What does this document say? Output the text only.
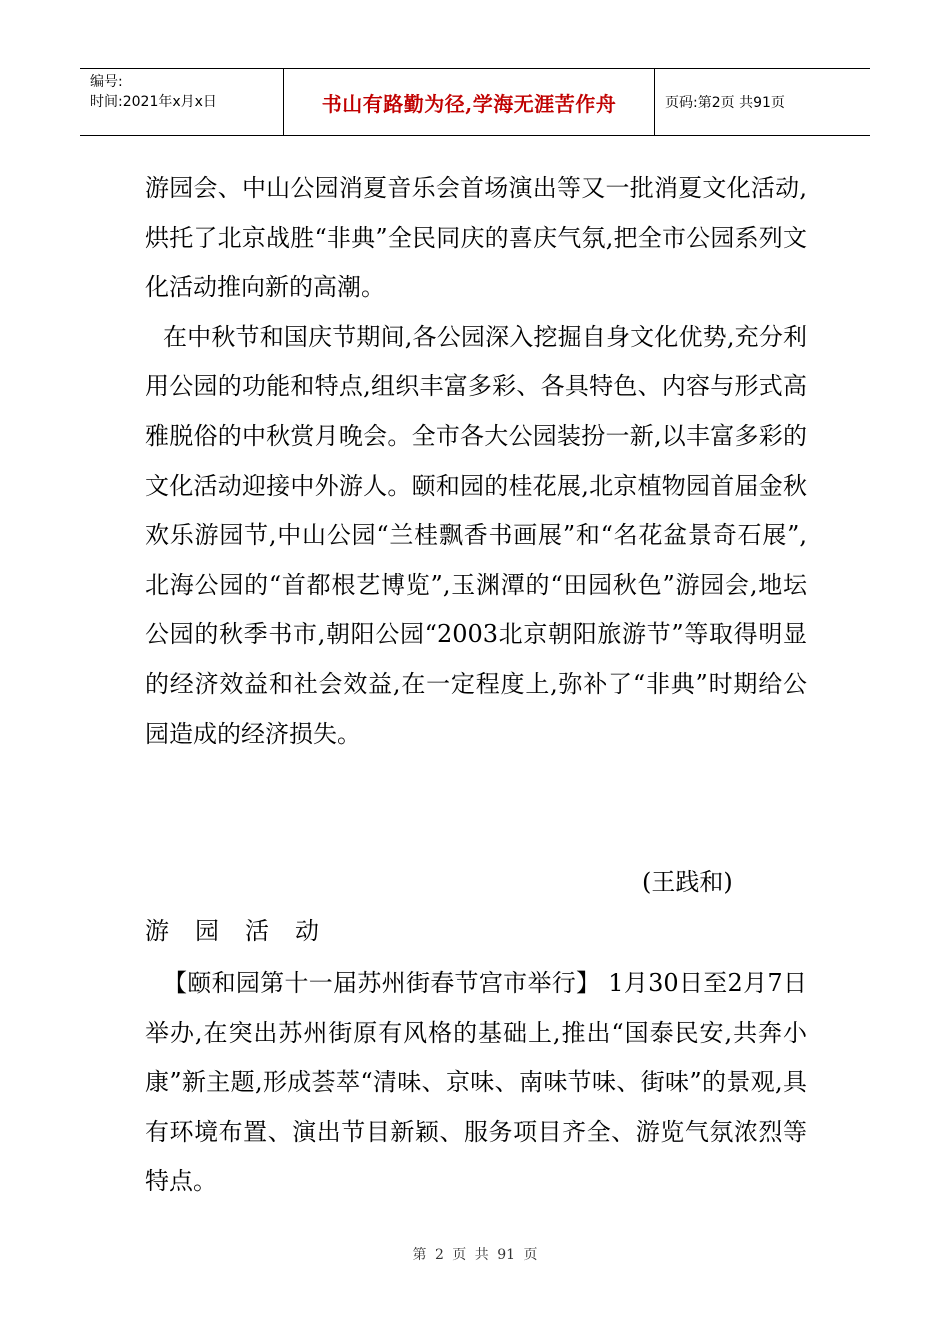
编号:
时间:2021年x月x日	书山有路勤为径,学海无涯苦作舟	页码:第2页 共91页

游园会、中山公园消夏音乐会首场演出等又一批消夏文化活动,烘托了北京战胜“非典”全民同庆的喜庆气氛,把全市公园系列文化活动推向新的高潮。

在中秋节和国庆节期间,各公园深入挖掘自身文化优势,充分利用公园的功能和特点,组织丰富多彩、各具特色、内容与形式高雅脱俗的中秋赏月晚会。全市各大公园装扮一新,以丰富多彩的文化活动迎接中外游人。颐和园的桂花展,北京植物园首届金秋欢乐游园节,中山公园“兰桂飘香书画展”和“名花盆景奇石展”,北海公园的“首都根艺博览”,玉渊潭的“田园秋色”游园会,地坛公园的秋季书市,朝阳公园“2003北京朝阳旅游节”等取得明显的经济效益和社会效益,在一定程度上,弥补了“非典”时期给公园造成的经济损失。

(王践和)
游园活动

【颐和园第十一届苏州街春节宫市举行】 1月30日至2月7日举办,在突出苏州街原有风格的基础上,推出“国泰民安,共奔小康”新主题,形成荟萃“清味、京味、南味节味、街味”的景观,具有环境布置、演出节目新颖、服务项目齐全、游览气氛浓烈等特点。

第 2 页 共 91 页
